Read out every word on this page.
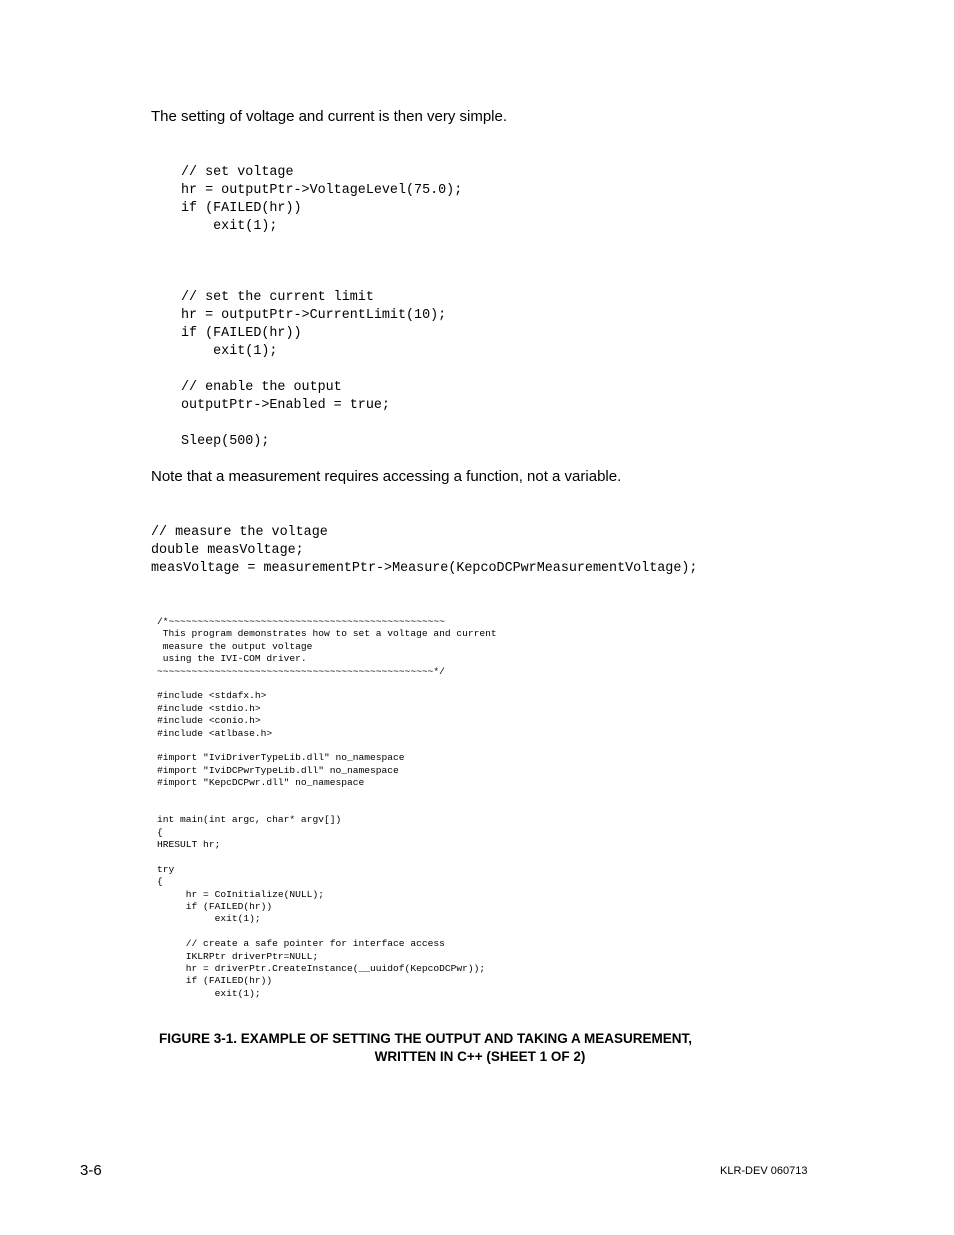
The setting of voltage and current is then very simple.

// set voltage
hr = outputPtr->VoltageLevel(75.0);
if (FAILED(hr))
exit(1);
// set the current limit
hr = outputPtr->CurrentLimit(10);
if (FAILED(hr))
exit(1);

// enable the output
outputPtr->Enabled = true;

Sleep(500);

Note that a measurement requires accessing a function, not a variable.

// measure the voltage
double measVoltage;
measVoltage = measurementPtr->Measure(KepcoDCPwrMeasurementVoltage);
/*~~~~~~~~~~~~~~~~~~~~~~~~~~~~~~~~~~~~~~~~~~~~~~~~
This program demonstrates how to set a voltage and current
measure the output voltage
using the IVI-COM driver.
~~~~~~~~~~~~~~~~~~~~~~~~~~~~~~~~~~~~~~~~~~~~~~~~*/

#include <stdafx.h>
#include <stdio.h>
#include <conio.h>
#include <atlbase.h>

#import "IviDriverTypeLib.dll" no_namespace
#import "IviDCPwrTypeLib.dll" no_namespace
#import "KepcDCPwr.dll" no_namespace

int main(int argc, char* argv[])
{
HRESULT hr;

try
{
hr = CoInitialize(NULL);
if (FAILED(hr))
exit(1);

// create a safe pointer for interface access
IKLRPtr driverPtr=NULL;
hr = driverPtr.CreateInstance(__uuidof(KepcoDCPwr));
if (FAILED(hr))
exit(1);
FIGURE 3-1. EXAMPLE OF SETTING THE OUTPUT AND TAKING A MEASUREMENT,
WRITTEN IN C++ (SHEET 1 OF 2)
3-6	KLR-DEV 060713
